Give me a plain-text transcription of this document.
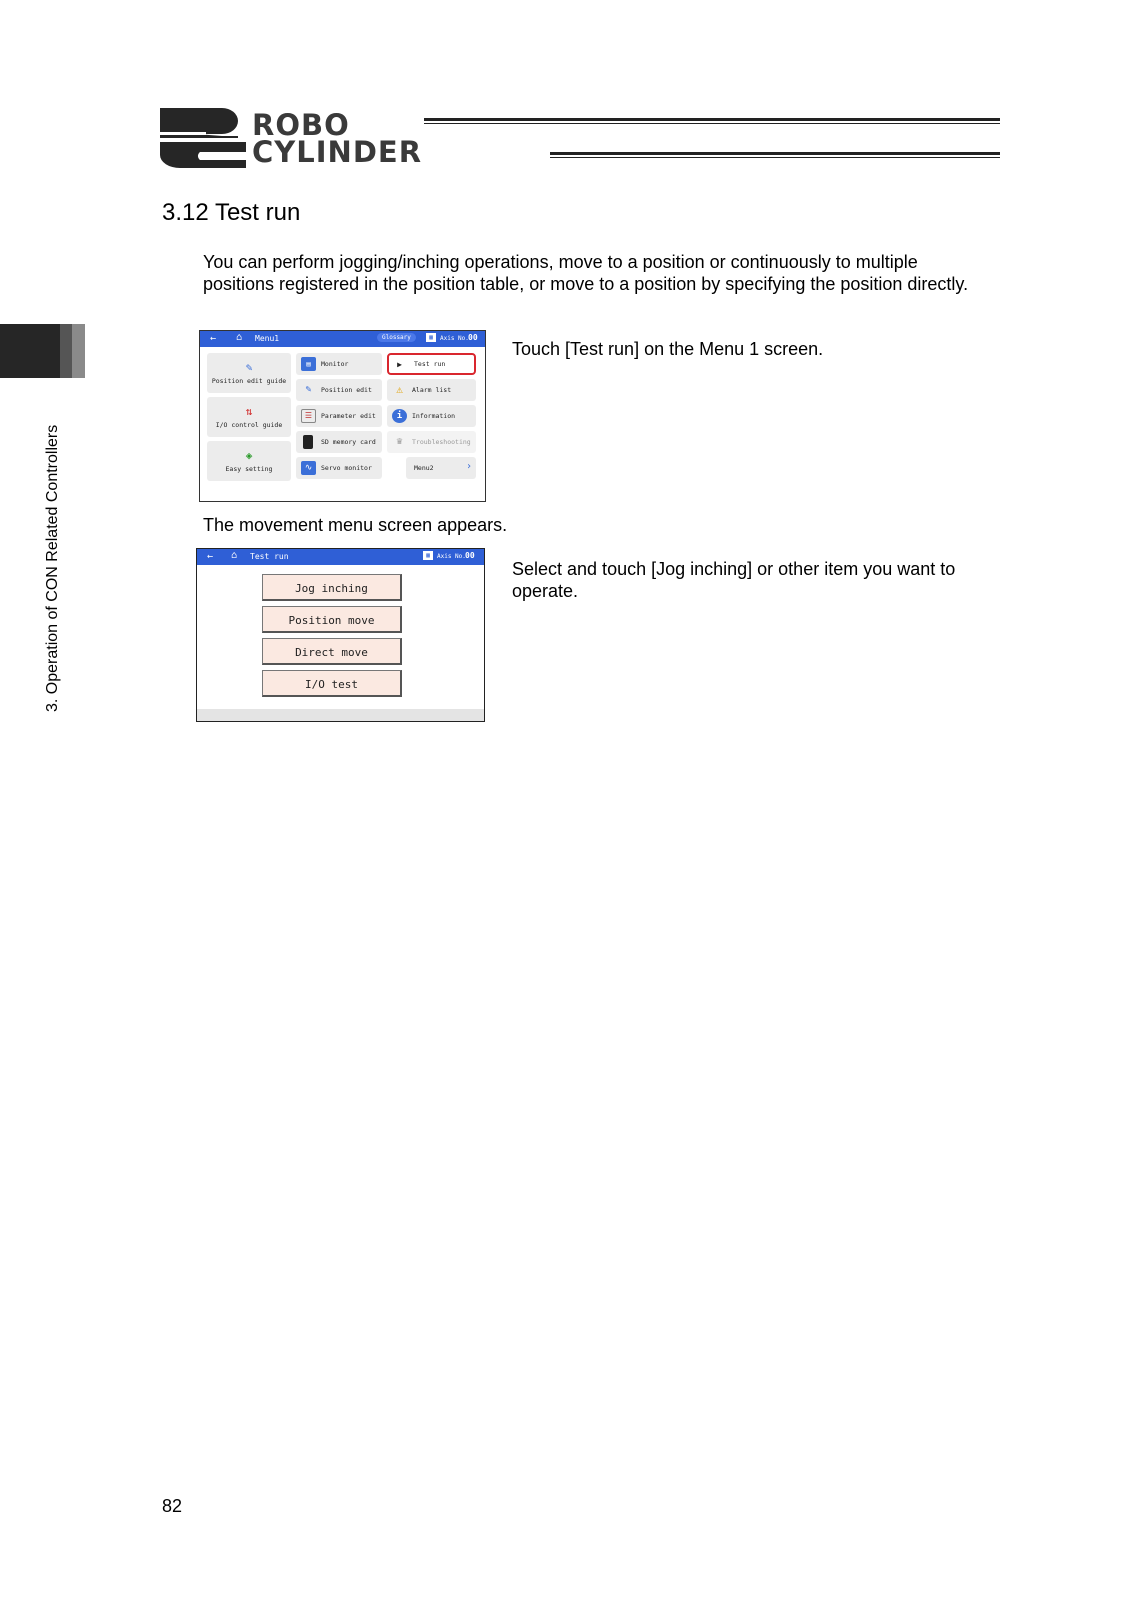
ROBO
CYLINDER
3. Operation of CON Related Controllers
3.12 Test run
You can perform jogging/inching operations, move to a position or continuously to multiple positions registered in the position table, or move to a position by specifying the position directly.
← ⌂ Menu1	Glossary	▦	Axis No. 00
✎
Position edit guide
⇅
I/O control guide
◈
Easy setting
▤	Monitor
✎	Position edit
☰	Parameter edit
SD memory card
∿	Servo monitor
▶	Test run
⚠	Alarm list
i	Information
♛	Troubleshooting
Menu2	›
Touch [Test run] on the Menu 1 screen.
The movement menu screen appears.
← ⌂ Test run	▦	Axis No. 00
Jog inching
Position move
Direct move
I/O test
Select and touch [Jog inching] or other item you want to operate.
82
